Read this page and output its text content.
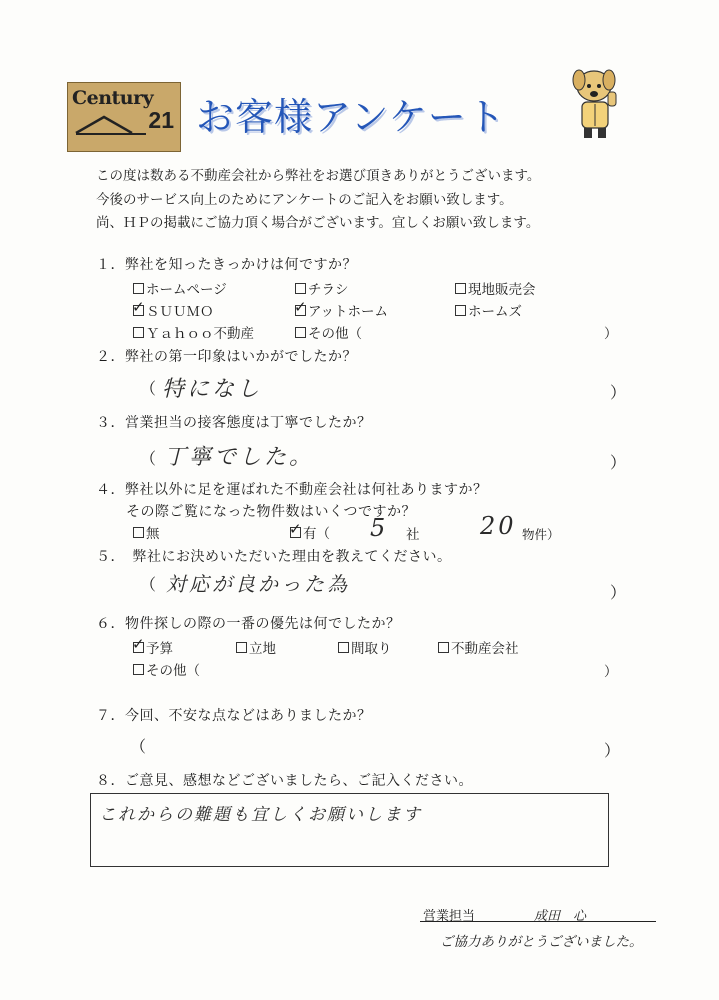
Century
21 お客様アンケート
この度は数ある不動産会社から弊社をお選び頂きありがとうございます。
今後のサービス向上のためにアンケートのご記入をお願い致します。
尚、ＨＰの掲載にご協力頂く場合がございます。宜しくお願い致します。
１．弊社を知ったきっかけは何ですか？
ホームページ	チラシ	現地販売会
✓ ＳＵＵＭＯ	✓ アットホーム	ホームズ
Ｙａｈｏｏ不動産	その他（	）
２．弊社の第一印象はいかがでしたか？
（ 特になし	）
３．営業担当の接客態度は丁寧でしたか？
（ 丁寧でした。	）
４．弊社以外に足を運ばれた不動産会社は何社ありますか？
その際ご覧になった物件数はいくつですか？
無	✓ 有（ 5 社	20 物件）
５．　弊社にお決めいただいた理由を教えてください。
（ 対応が良かった為	）
６．物件探しの際の一番の優先は何でしたか？
✓ 予算	立地	間取り	不動産会社
その他（	）
７．今回、不安な点などはありましたか？
（	）
８．ご意見、感想などございましたら、ご記入ください。
これからの難題も宜しくお願いします
営業担当	成田　心
ご協力ありがとうございました。
